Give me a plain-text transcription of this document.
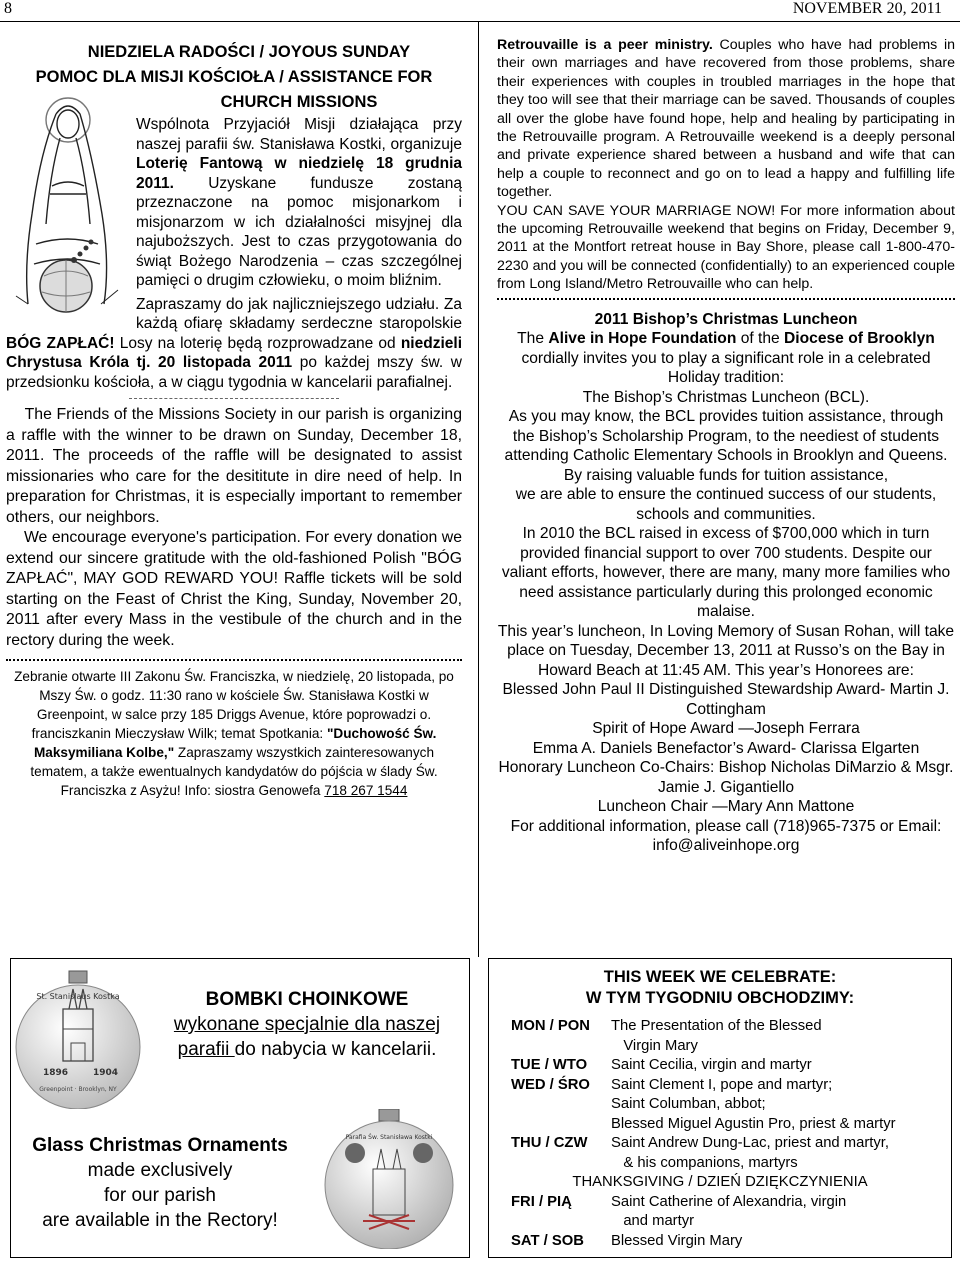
8	NOVEMBER 20, 2011
NIEDZIELA RADOŚCI / JOYOUS SUNDAY
POMOC DLA MISJI KOŚCIOŁA / ASSISTANCE FOR
CHURCH MISSIONS
Wspólnota Przyjaciół Misji działająca przy naszej parafii św. Stanisława Kostki, organizuje Loterię Fantową w niedzielę 18 grudnia 2011. Uzyskane fundusze zostaną przeznaczone na pomoc misjonarkom i misjonarzom w ich działalności misyjnej dla najuboższych. Jest to czas przygotowania do świąt Bożego Narodzenia – czas szczególnej pamięci o drugim człowieku, o moim bliźnim.
Zapraszamy do jak najliczniejszego udziału. Za każdą ofiarę składamy serdeczne staropolskie BÓG ZAPŁAĆ! Losy na loterię będą rozprowadzane od niedzieli Chrystusa Króla tj. 20 listopada 2011 po każdej mszy św. w przedsionku kościoła, a w ciągu tygodnia w kancelarii parafialnej.
The Friends of the Missions Society in our parish is organizing a raffle with the winner to be drawn on Sunday, December 18, 2011. The proceeds of the raffle will be designated to assist missionaries who care for the desititute in dire need of help. In preparation for Christmas, it is especially important to remember others, our neighbors.
We encourage everyone's participation. For every donation we extend our sincere gratitude with the old-fashioned Polish "BÓG ZAPŁAĆ", MAY GOD REWARD YOU! Raffle tickets will be sold starting on the Feast of Christ the King, Sunday, November 20, 2011 after every Mass in the vestibule of the church and in the rectory during the week.
Zebranie otwarte III Zakonu Św. Franciszka, w niedzielę, 20 listopada, po Mszy Św. o godz. 11:30 rano w kościele Św. Stanisława Kostki w Greenpoint, w salce przy 185 Driggs Avenue, które poprowadzi o. franciszkanin Mieczysław Wilk; temat Spotkania: "Duchowość Św. Maksymiliana Kolbe," Zapraszamy wszystkich zainteresowanych tematem, a także ewentualnych kandydatów do pójścia w ślady Św. Franciszka z Asyżu! Info: siostra Genowefa 718 267 1544
Retrouvaille is a peer ministry. Couples who have had problems in their own marriages and have recovered from those problems, share their experiences with couples in troubled marriages in the hope that they too will see that their marriage can be saved. Thousands of couples all over the globe have found hope, help and healing by participating in the Retrouvaille program. A Retrouvaille weekend is a deeply personal and private experience shared between a husband and wife that can help a couple to reconnect and go on to lead a happy and fulfilling life together.
YOU CAN SAVE YOUR MARRIAGE NOW! For more information about the upcoming Retrouvaille weekend that begins on Friday, December 9, 2011 at the Montfort retreat house in Bay Shore, please call 1-800-470-2230 and you will be connected (confidentially) to an experienced couple from Long Island/Metro Retrouvaille who can help.
2011 Bishop’s Christmas Luncheon
The Alive in Hope Foundation of the Diocese of Brooklyn
cordially invites you to play a significant role in a celebrated Holiday tradition:
The Bishop’s Christmas Luncheon (BCL).
As you may know, the BCL provides tuition assistance, through the Bishop’s Scholarship Program, to the neediest of students attending Catholic Elementary Schools in Brooklyn and Queens.
By raising valuable funds for tuition assistance,
we are able to ensure the continued success of our students, schools and communities.
In 2010 the BCL raised in excess of $700,000 which in turn provided financial support to over 700 students. Despite our valiant efforts, however, there are many, many more families who need assistance particularly during this prolonged economic malaise.
This year’s luncheon, In Loving Memory of Susan Rohan, will take place on Tuesday, December 13, 2011 at Russo’s on the Bay in Howard Beach at 11:45 AM. This year’s Honorees are:
Blessed John Paul II Distinguished Stewardship Award- Martin J. Cottingham
Spirit of Hope Award —Joseph Ferrara
Emma A. Daniels Benefactor’s Award- Clarissa Elgarten
Honorary Luncheon Co-Chairs: Bishop Nicholas DiMarzio & Msgr. Jamie J. Gigantiello
Luncheon Chair —Mary Ann Mattone
For additional information, please call (718)965-7375 or Email: info@aliveinhope.org
St. Stanislaus Kostka
1896	1904
Greenpoint · Brooklyn, NY
BOMBKI CHOINKOWE
wykonane specjalnie dla naszej parafii do nabycia w kancelarii.
Glass Christmas Ornaments
made exclusively
for our parish
are available in the Rectory!
Parafia Św. Stanisława Kostki
THIS WEEK WE CELEBRATE:
W TYM TYGODNIU OBCHODZIMY:
MON / PON	The Presentation of the Blessed
Virgin Mary
TUE / WTO	Saint Cecilia, virgin and martyr
WED / ŚRO	Saint Clement I, pope and martyr;
Saint Columban, abbot;
Blessed Miguel Agustin Pro, priest & martyr
THU / CZW	Saint Andrew Dung-Lac, priest and martyr,
& his companions, martyrs
THANKSGIVING / DZIEŃ DZIĘKCZYNIENIA
FRI / PIĄ	Saint Catherine of Alexandria, virgin
and martyr
SAT / SOB	Blessed Virgin Mary
